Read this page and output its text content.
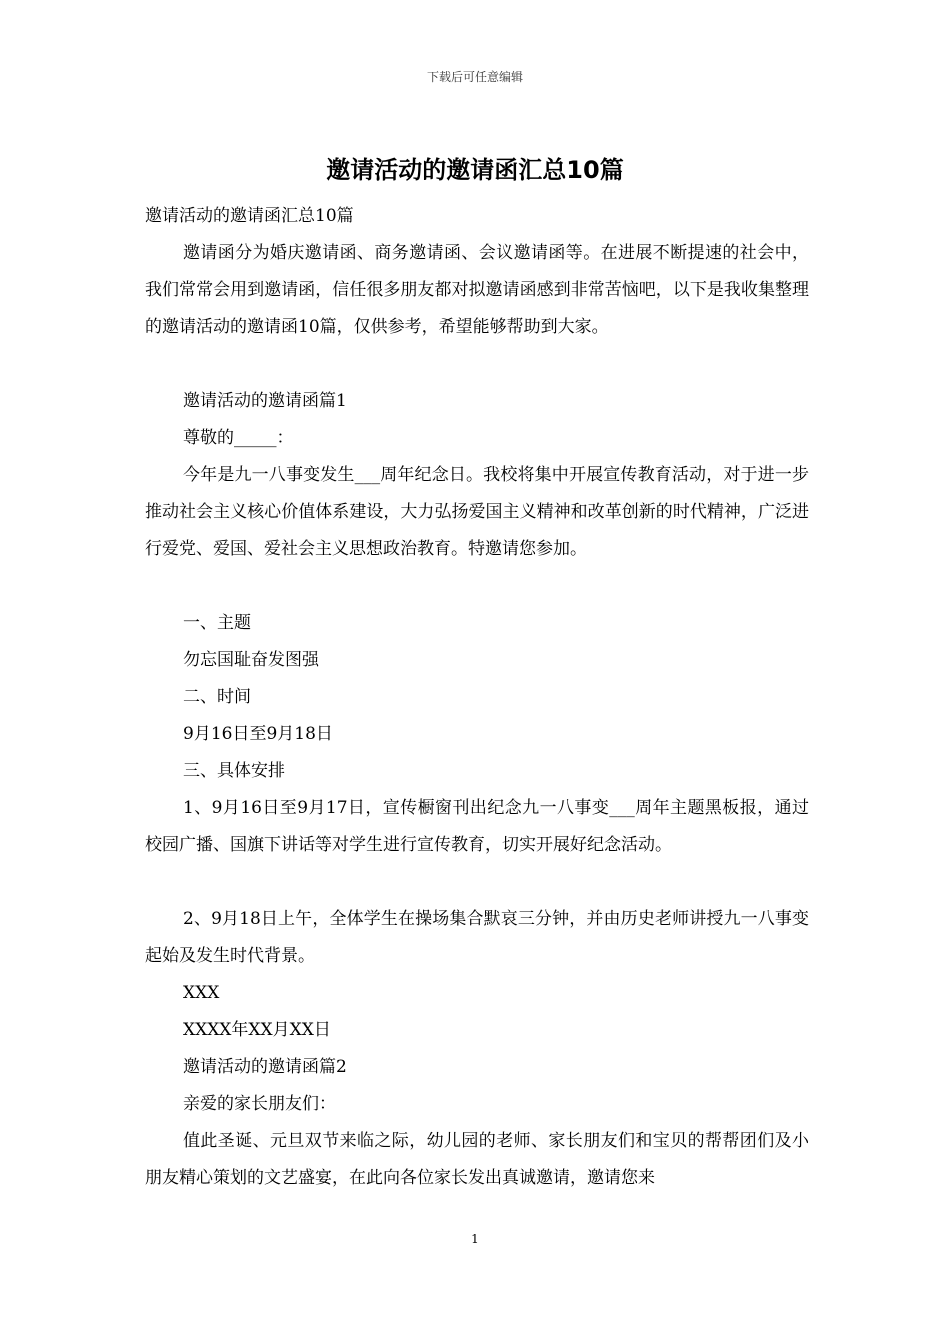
下载后可任意编辑
邀请活动的邀请函汇总10篇

邀请活动的邀请函汇总10篇

邀请函分为婚庆邀请函、商务邀请函、会议邀请函等。在进展不断提速的社会中，我们常常会用到邀请函，信任很多朋友都对拟邀请函感到非常苦恼吧，以下是我收集整理的邀请活动的邀请函10篇，仅供参考，希望能够帮助到大家。

邀请活动的邀请函篇1

尊敬的_____：

今年是九一八事变发生___周年纪念日。我校将集中开展宣传教育活动，对于进一步推动社会主义核心价值体系建设，大力弘扬爱国主义精神和改革创新的时代精神，广泛进行爱党、爱国、爱社会主义思想政治教育。特邀请您参加。

一、主题

勿忘国耻奋发图强

二、时间

9月16日至9月18日

三、具体安排

1、9月16日至9月17日，宣传橱窗刊出纪念九一八事变___周年主题黑板报，通过校园广播、国旗下讲话等对学生进行宣传教育，切实开展好纪念活动。

2、9月18日上午，全体学生在操场集合默哀三分钟，并由历史老师讲授九一八事变起始及发生时代背景。

XXX

XXXX年XX月XX日

邀请活动的邀请函篇2

亲爱的家长朋友们：

值此圣诞、元旦双节来临之际，幼儿园的老师、家长朋友们和宝贝的帮帮团们及小朋友精心策划的文艺盛宴，在此向各位家长发出真诚邀请，邀请您来

1
